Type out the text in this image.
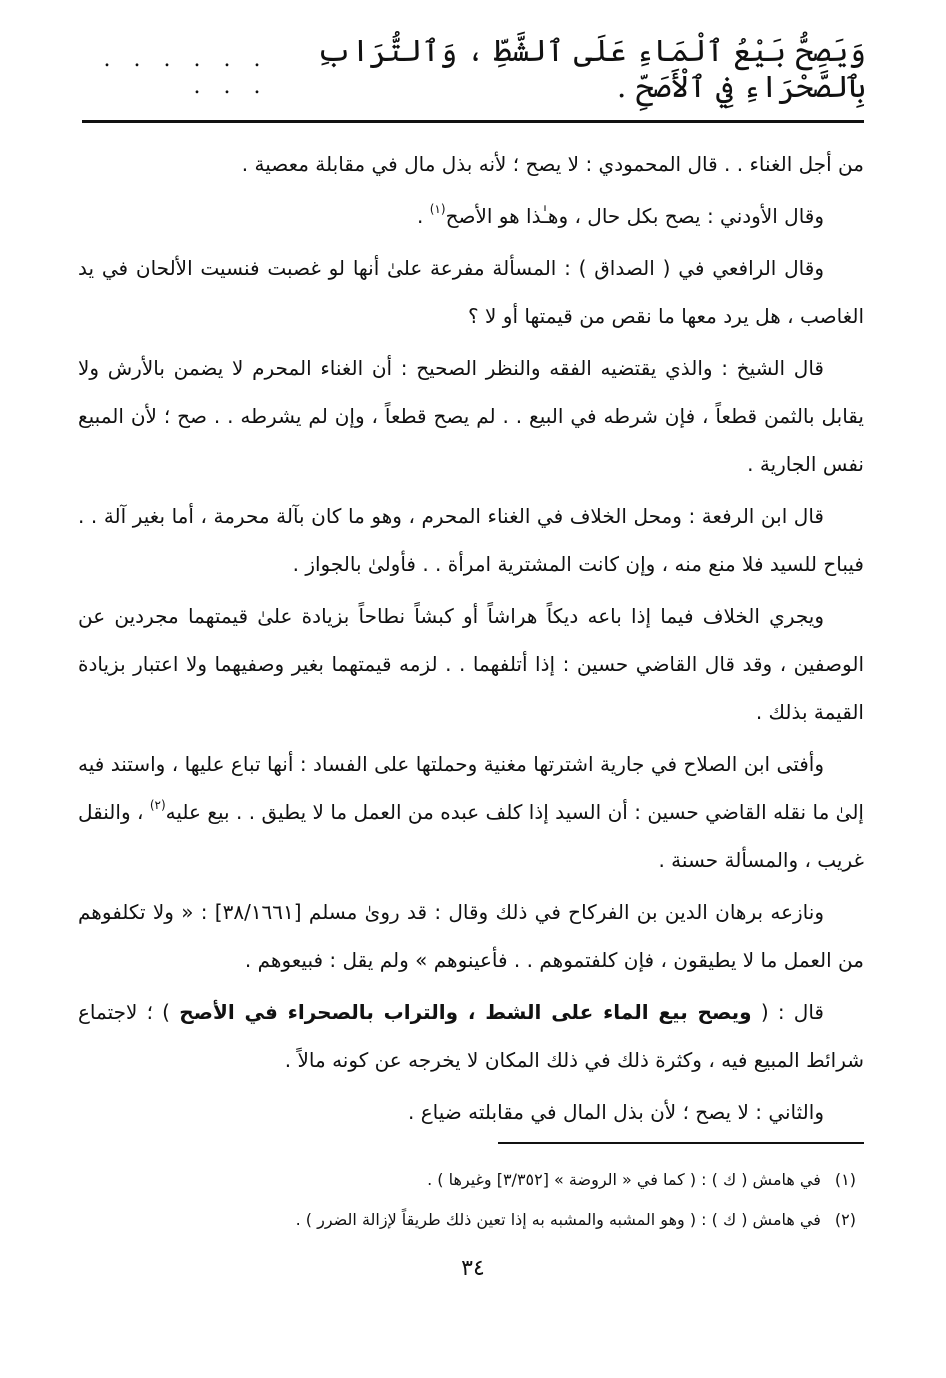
وَيَصِحُّ بَيْعُ ٱلْمَاءِ عَلَى ٱلشَّطِّ ، وَٱلتُّرَابِ بِٱلصَّحْرَاءِ فِي ٱلْأَصَحِّ .
. . . . . . . . .

من أجل الغناء . . قال المحمودي : لا يصح ؛ لأنه بذل مال في مقابلة معصية .

وقال الأودني : يصح بكل حال ، وهـٰذا هو الأصح$^{(١)}$ .

وقال الرافعي في ( الصداق ) : المسألة مفرعة علىٰ أنها لو غصبت فنسيت الألحان في يد الغاصب ، هل يرد معها ما نقص من قيمتها أو لا ؟

قال الشيخ : والذي يقتضيه الفقه والنظر الصحيح : أن الغناء المحرم لا يضمن بالأرش ولا يقابل بالثمن قطعاً ، فإن شرطه في البيع . . لم يصح قطعاً ، وإن لم يشرطه . . صح ؛ لأن المبيع نفس الجارية .

قال ابن الرفعة : ومحل الخلاف في الغناء المحرم ، وهو ما كان بآلة محرمة ، أما بغير آلة . . فيباح للسيد فلا منع منه ، وإن كانت المشترية امرأة . . فأولىٰ بالجواز .

ويجري الخلاف فيما إذا باعه ديكاً هراشاً أو كبشاً نطاحاً بزيادة علىٰ قيمتهما مجردين عن الوصفين ، وقد قال القاضي حسين : إذا أتلفهما . . لزمه قيمتهما بغير وصفيهما ولا اعتبار بزيادة القيمة بذلك .

وأفتى ابن الصلاح في جارية اشترتها مغنية وحملتها على الفساد : أنها تباع عليها ، واستند فيه إلىٰ ما نقله القاضي حسين : أن السيد إذا كلف عبده من العمل ما لا يطيق . . بيع عليه$^{(٢)}$ ، والنقل غريب ، والمسألة حسنة .

ونازعه برهان الدين بن الفركاح في ذلك وقال : قد روىٰ مسلم [٣٨/١٦٦١] : « ولا تكلفوهم من العمل ما لا يطيقون ، فإن كلفتموهم . . فأعينوهم » ولم يقل : فبيعوهم .

قال : ( ويصح بيع الماء على الشط ، والتراب بالصحراء في الأصح ) ؛ لاجتماع شرائط المبيع فيه ، وكثرة ذلك في ذلك المكان لا يخرجه عن كونه مالاً .

والثاني : لا يصح ؛ لأن بذل المال في مقابلته ضياع .

(١)
في هامش ( ك ) : ( كما في « الروضة » [٣/٣٥٢] وغيرها ) .
(٢)
في هامش ( ك ) : ( وهو المشبه والمشبه به إذا تعين ذلك طريقاً لإزالة الضرر ) .
٣٤
